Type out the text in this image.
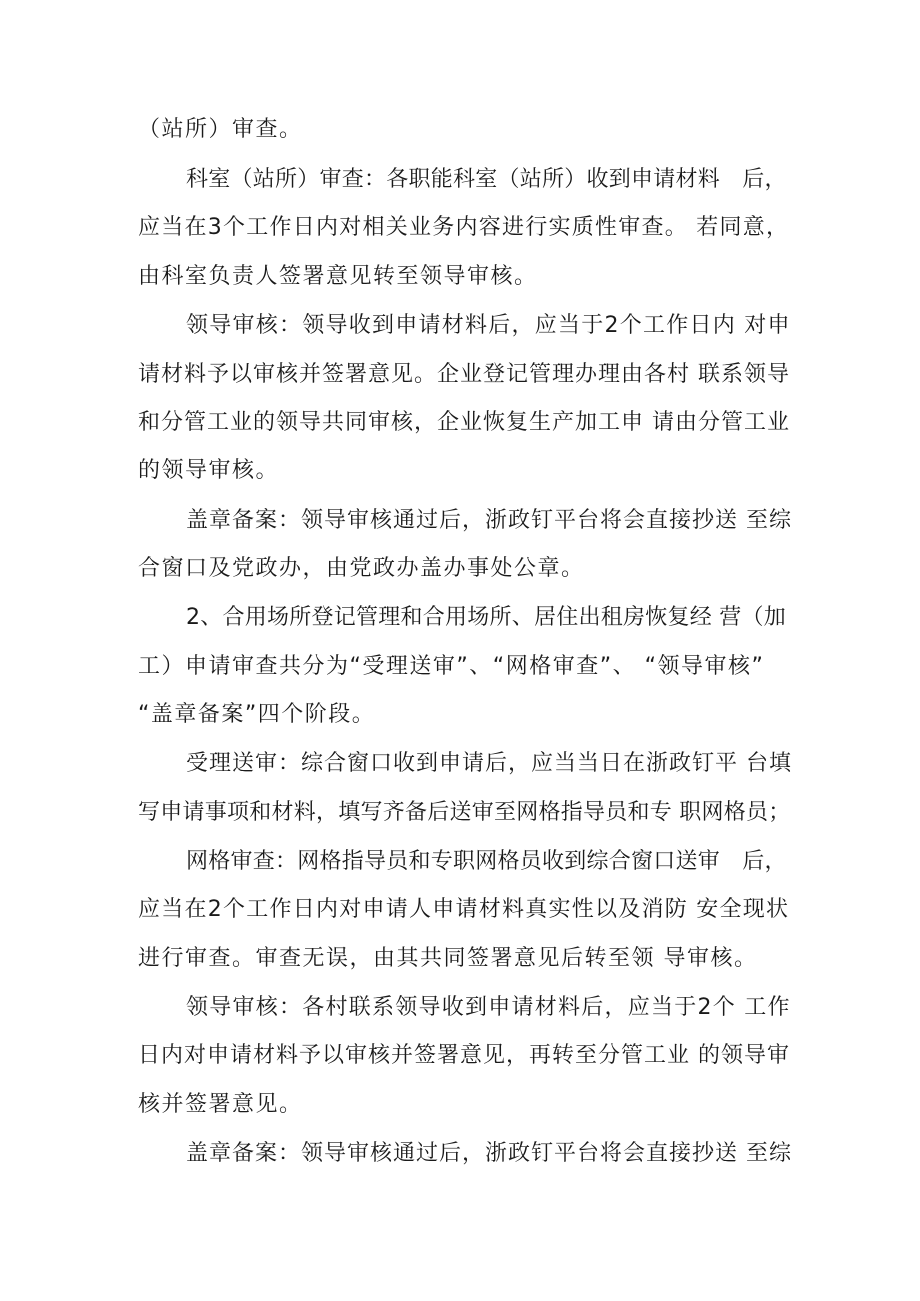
（站所）审查。
科室（站所）审查：各职能科室（站所）收到申请材料　后，
应当在3个工作日内对相关业务内容进行实质性审查。 若同意，
由科室负责人签署意见转至领导审核。
领导审核：领导收到申请材料后，应当于2个工作日内 对申
请材料予以审核并签署意见。企业登记管理办理由各村 联系领导
和分管工业的领导共同审核，企业恢复生产加工申 请由分管工业
的领导审核。
盖章备案：领导审核通过后，浙政钉平台将会直接抄送 至综
合窗口及党政办，由党政办盖办事处公章。
2、合用场所登记管理和合用场所、居住出租房恢复经 营（加
工）申请审查共分为“受理送审”、“网格审查”、 “领导审核”
“盖章备案”四个阶段。
受理送审：综合窗口收到申请后，应当当日在浙政钉平 台填
写申请事项和材料，填写齐备后送审至网格指导员和专 职网格员；
网格审查：网格指导员和专职网格员收到综合窗口送审　后，
应当在2个工作日内对申请人申请材料真实性以及消防 安全现状
进行审查。审查无误，由其共同签署意见后转至领 导审核。
领导审核：各村联系领导收到申请材料后，应当于2个 工作
日内对申请材料予以审核并签署意见，再转至分管工业 的领导审
核并签署意见。
盖章备案：领导审核通过后，浙政钉平台将会直接抄送 至综
